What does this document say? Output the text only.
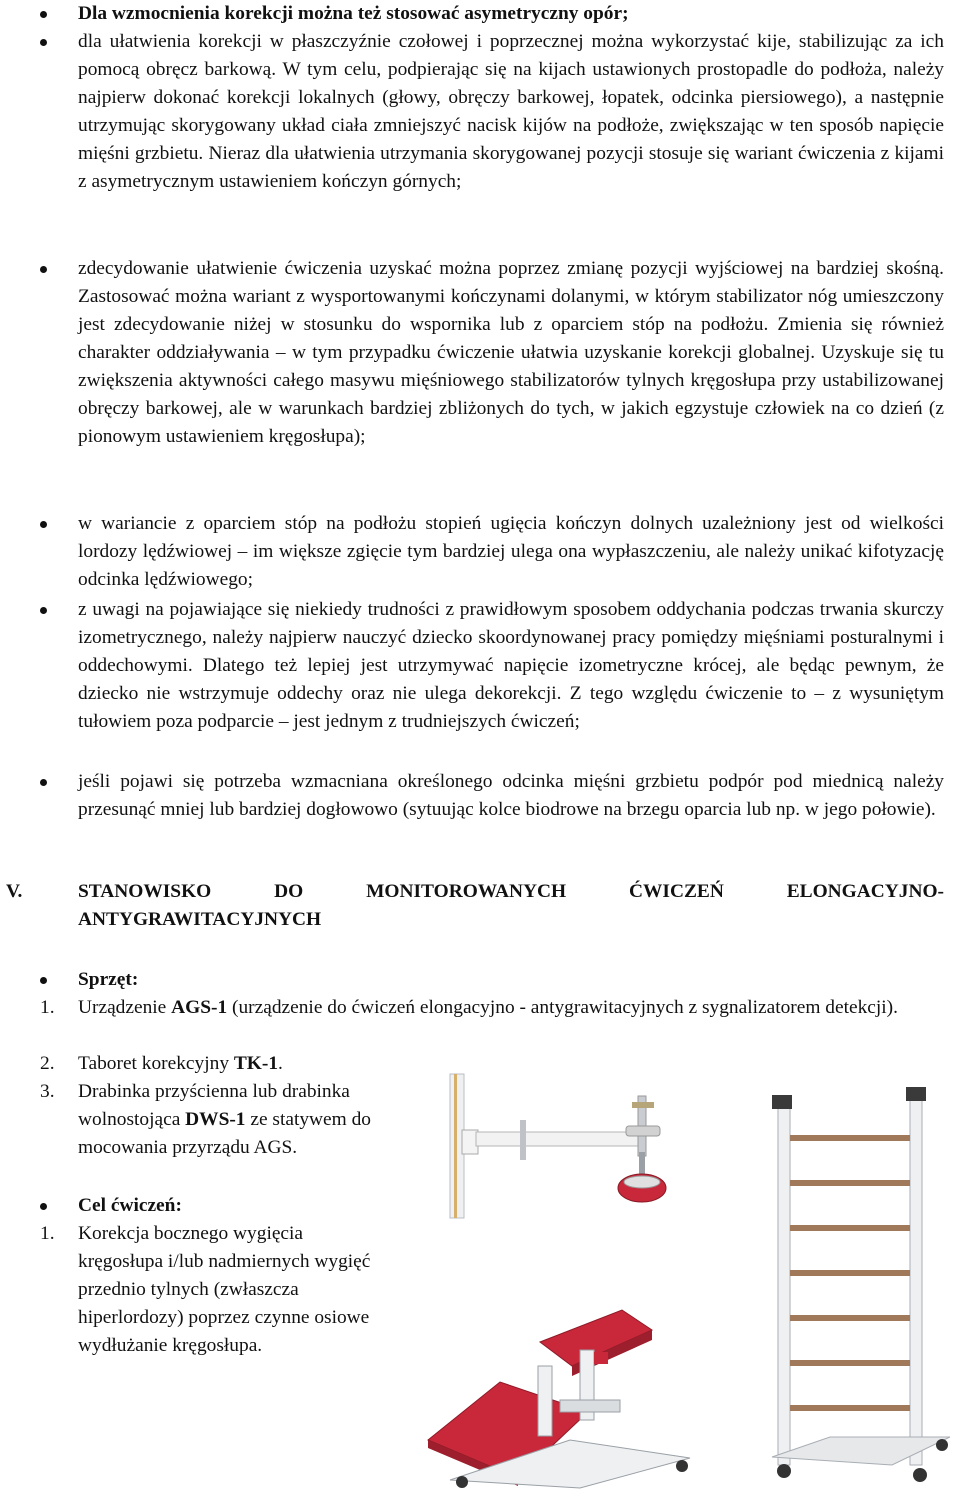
Dla wzmocnienia korekcji można też stosować asymetryczny opór;
dla ułatwienia korekcji w płaszczyźnie czołowej i poprzecznej można wykorzystać kije, stabilizując za ich pomocą obręcz barkową. W tym celu, podpierając się na kijach ustawionych prostopadle do podłoża, należy najpierw dokonać korekcji lokalnych (głowy, obręczy barkowej, łopatek, odcinka piersiowego), a następnie utrzymując skorygowany układ ciała zmniejszyć nacisk kijów na podłoże, zwiększając w ten sposób napięcie mięśni grzbietu. Nieraz dla ułatwienia utrzymania skorygowanej pozycji stosuje się wariant ćwiczenia z kijami z asymetrycznym ustawieniem kończyn górnych;
zdecydowanie ułatwienie ćwiczenia uzyskać można poprzez zmianę pozycji wyjściowej na bardziej skośną. Zastosować można wariant z wysportowanymi kończynami dolanymi, w którym stabilizator nóg umieszczony jest zdecydowanie niżej w stosunku do wspornika lub z oparciem stóp na podłożu. Zmienia się również charakter oddziaływania – w tym przypadku ćwiczenie ułatwia uzyskanie korekcji globalnej. Uzyskuje się tu zwiększenia aktywności całego masywu mięśniowego stabilizatorów tylnych kręgosłupa przy ustabilizowanej obręczy barkowej, ale w warunkach bardziej zbliżonych do tych, w jakich egzystuje człowiek na co dzień (z pionowym ustawieniem kręgosłupa);
w wariancie z oparciem stóp na podłożu stopień ugięcia kończyn dolnych uzależniony jest od wielkości lordozy lędźwiowej – im większe zgięcie tym bardziej ulega ona wypłaszczeniu, ale należy unikać kifotyzację odcinka lędźwiowego;
z uwagi na pojawiające się niekiedy trudności z prawidłowym sposobem oddychania podczas trwania skurczy izometrycznego, należy najpierw nauczyć dziecko skoordynowanej pracy pomiędzy mięśniami posturalnymi i oddechowymi. Dlatego też lepiej jest utrzymywać napięcie izometryczne krócej, ale będąc pewnym, że dziecko nie wstrzymuje oddechy oraz nie ulega dekorekcji. Z tego względu ćwiczenie to – z wysuniętym tułowiem poza podparcie – jest jednym z trudniejszych ćwiczeń;
jeśli pojawi się potrzeba wzmacniana określonego odcinka mięśni grzbietu podpór pod miednicą należy przesunąć mniej lub bardziej dogłowowo (sytuując kolce biodrowe na brzegu oparcia lub np. w jego połowie).
V.	STANOWISKO DO MONITOROWANYCH ĆWICZEŃ ELONGACYJNO-ANTYGRAWITACYJNYCH
Sprzęt:
1. Urządzenie AGS-1 (urządzenie do ćwiczeń elongacyjno - antygrawitacyjnych z sygnalizatorem detekcji).
2. Taboret korekcyjny TK-1.
3. Drabinka przyścienna lub drabinka wolnostojąca DWS-1 ze statywem do mocowania przyrządu AGS.
Cel ćwiczeń:
1. Korekcja bocznego wygięcia kręgosłupa i/lub nadmiernych wygięć przednio tylnych (zwłaszcza hiperlordozy) poprzez czynne osiowe wydłużanie kręgosłupa.
